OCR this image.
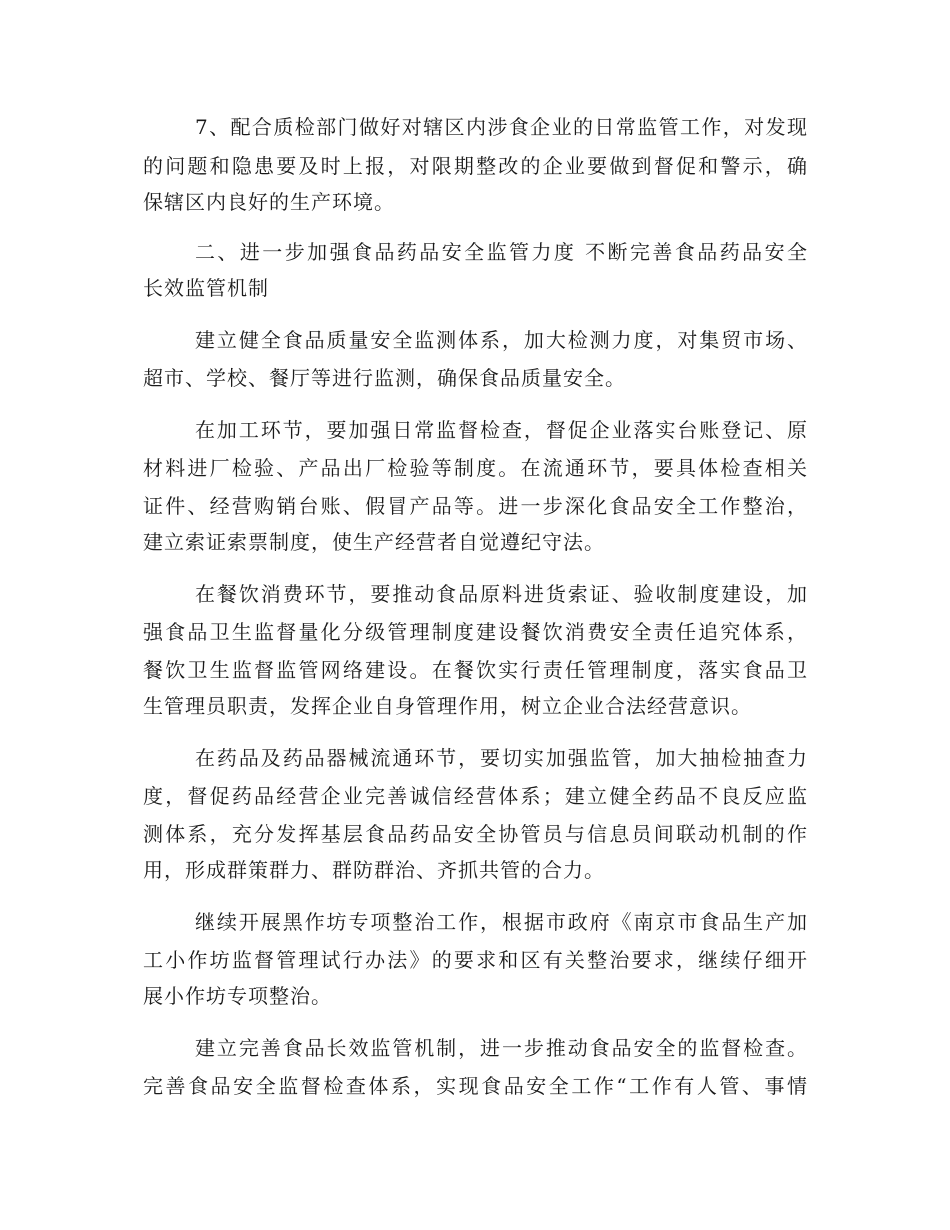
7、配合质检部门做好对辖区内涉食企业的日常监管工作，对发现

的问题和隐患要及时上报，对限期整改的企业要做到督促和警示，确

保辖区内良好的生产环境。

二、进一步加强食品药品安全监管力度 不断完善食品药品安全

长效监管机制

建立健全食品质量安全监测体系，加大检测力度，对集贸市场、

超市、学校、餐厅等进行监测，确保食品质量安全。

在加工环节，要加强日常监督检查，督促企业落实台账登记、原

材料进厂检验、产品出厂检验等制度。在流通环节，要具体检查相关

证件、经营购销台账、假冒产品等。进一步深化食品安全工作整治，

建立索证索票制度，使生产经营者自觉遵纪守法。

在餐饮消费环节，要推动食品原料进货索证、验收制度建设，加

强食品卫生监督量化分级管理制度建设餐饮消费安全责任追究体系，

餐饮卫生监督监管网络建设。在餐饮实行责任管理制度，落实食品卫

生管理员职责，发挥企业自身管理作用，树立企业合法经营意识。

在药品及药品器械流通环节，要切实加强监管，加大抽检抽查力

度，督促药品经营企业完善诚信经营体系；建立健全药品不良反应监

测体系，充分发挥基层食品药品安全协管员与信息员间联动机制的作

用，形成群策群力、群防群治、齐抓共管的合力。

继续开展黑作坊专项整治工作，根据市政府《南京市食品生产加

工小作坊监督管理试行办法》的要求和区有关整治要求，继续仔细开

展小作坊专项整治。

建立完善食品长效监管机制，进一步推动食品安全的监督检查。

完善食品安全监督检查体系，实现食品安全工作“工作有人管、事情
